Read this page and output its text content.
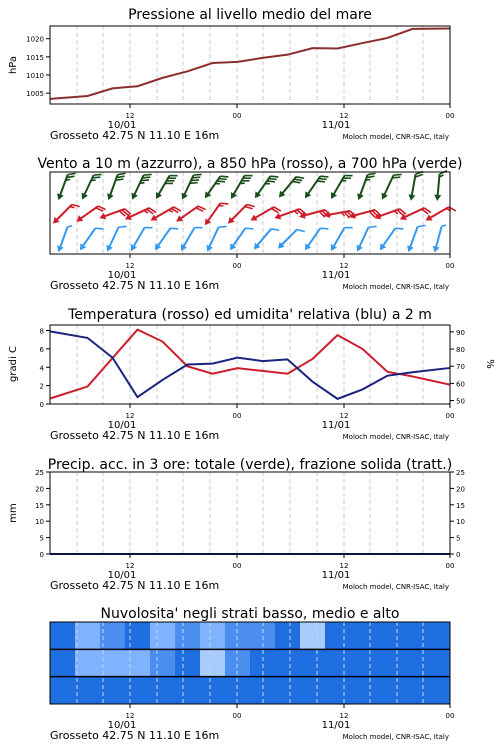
Pressione al livello medio del mare
12	00	12	00
10/01	11/01
Grosseto 42.75 N 11.10 E 16m	Moloch model, CNR-ISAC, Italy
1005
1010
1015
1020
hPa
Vento a 10 m (azzurro), a 850 hPa (rosso), a 700 hPa (verde)
12	00	12	00
10/01	11/01
Grosseto 42.75 N 11.10 E 16m	Moloch model, CNR-ISAC, Italy
Temperatura (rosso) ed umidita' relativa (blu) a 2 m
12	00	12	00
10/01	11/01
Grosseto 42.75 N 11.10 E 16m	Moloch model, CNR-ISAC, Italy
0
2
4
6
8
50
60
70
80
90
gradi C	%
Precip. acc. in 3 ore: totale (verde), frazione solida (tratt.)
12	00	12	00
10/01	11/01
Grosseto 42.75 N 11.10 E 16m	Moloch model, CNR-ISAC, Italy
0	0
5	5
10	10
15	15
20	20
25	25
mm
Nuvolosita' negli strati basso, medio e alto
12	00	12	00
10/01	11/01
Grosseto 42.75 N 11.10 E 16m	Moloch model, CNR-ISAC, Italy
